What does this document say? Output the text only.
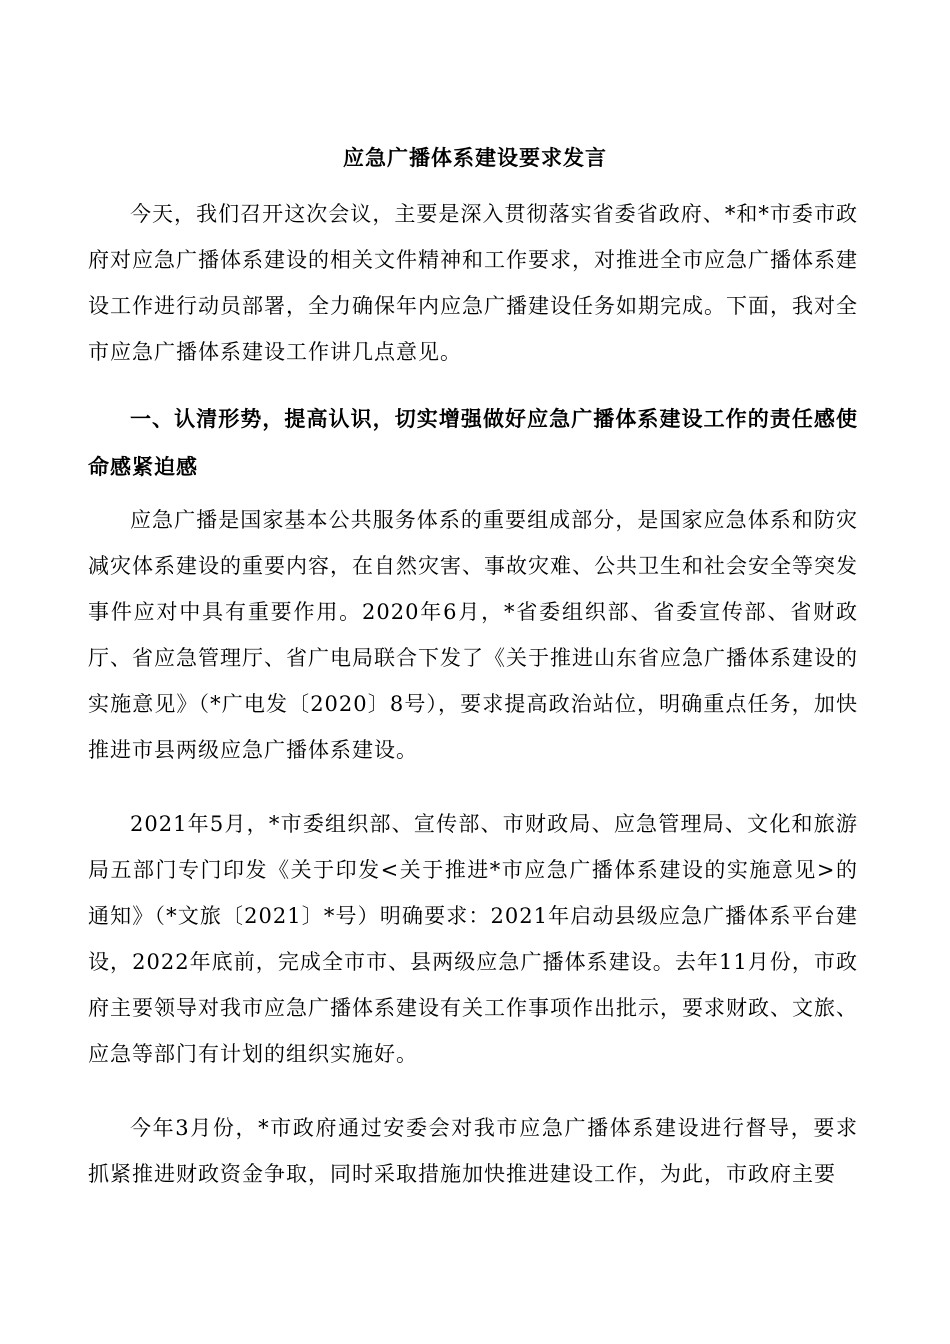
应急广播体系建设要求发言

今天，我们召开这次会议，主要是深入贯彻落实省委省政府、*和*市委市政府对应急广播体系建设的相关文件精神和工作要求，对推进全市应急广播体系建设工作进行动员部署，全力确保年内应急广播建设任务如期完成。下面，我对全市应急广播体系建设工作讲几点意见。

一、认清形势，提高认识，切实增强做好应急广播体系建设工作的责任感使命感紧迫感

应急广播是国家基本公共服务体系的重要组成部分，是国家应急体系和防灾减灾体系建设的重要内容，在自然灾害、事故灾难、公共卫生和社会安全等突发事件应对中具有重要作用。2020年6月，*省委组织部、省委宣传部、省财政厅、省应急管理厅、省广电局联合下发了《关于推进山东省应急广播体系建设的实施意见》（*广电发〔2020〕8号），要求提高政治站位，明确重点任务，加快推进市县两级应急广播体系建设。

2021年5月，*市委组织部、宣传部、市财政局、应急管理局、文化和旅游局五部门专门印发《关于印发<关于推进*市应急广播体系建设的实施意见>的通知》（*文旅〔2021〕*号）明确要求：2021年启动县级应急广播体系平台建设，2022年底前，完成全市市、县两级应急广播体系建设。去年11月份，市政府主要领导对我市应急广播体系建设有关工作事项作出批示，要求财政、文旅、应急等部门有计划的组织实施好。

今年3月份，*市政府通过安委会对我市应急广播体系建设进行督导，要求抓紧推进财政资金争取，同时采取措施加快推进建设工作，为此，市政府主要
